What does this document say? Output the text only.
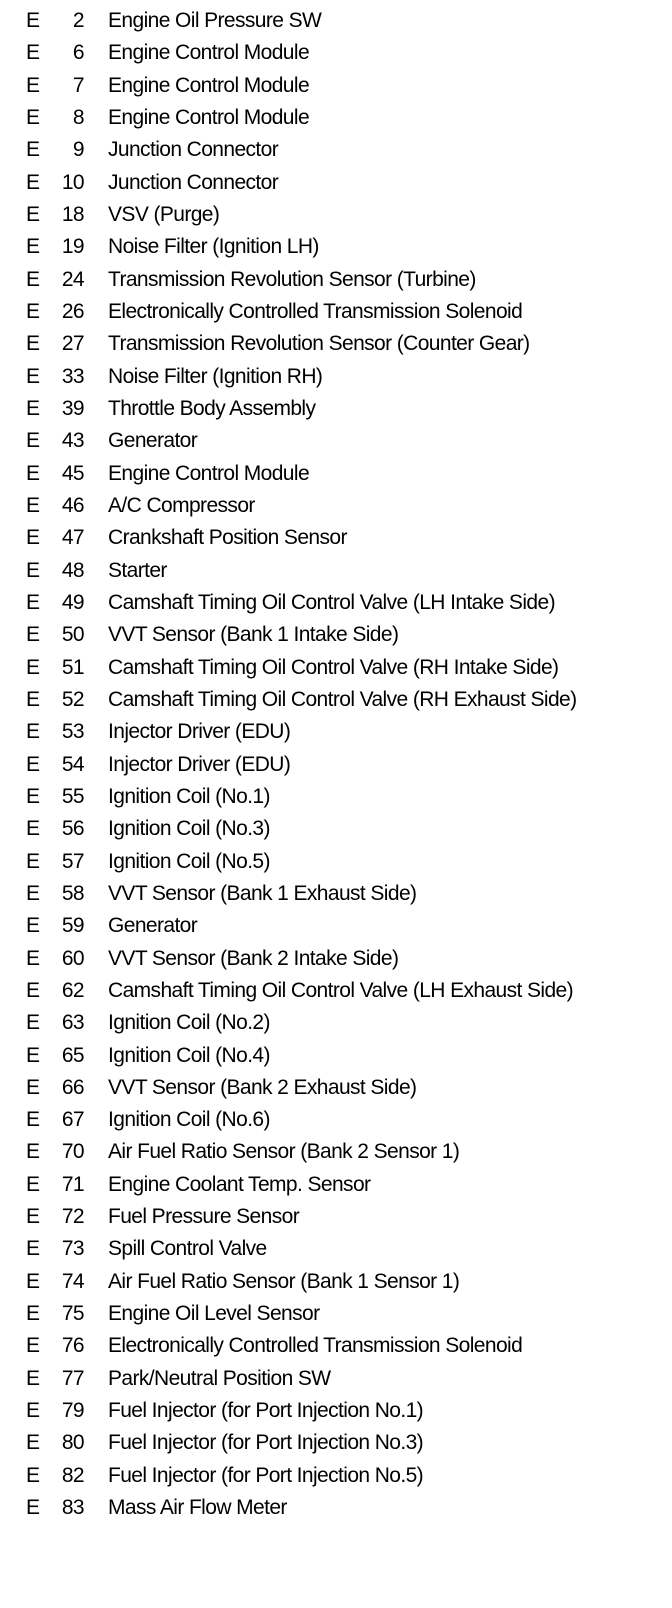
E	2 Engine Oil Pressure SW
E	6 Engine Control Module
E	7 Engine Control Module
E	8 Engine Control Module
E	9 Junction Connector
E	10 Junction Connector
E	18 VSV (Purge)
E	19 Noise Filter (Ignition LH)
E	24 Transmission Revolution Sensor (Turbine)
E	26 Electronically Controlled Transmission Solenoid
E	27 Transmission Revolution Sensor (Counter Gear)
E	33 Noise Filter (Ignition RH)
E	39 Throttle Body Assembly
E	43 Generator
E	45 Engine Control Module
E	46 A/C Compressor
E	47 Crankshaft Position Sensor
E	48 Starter
E	49 Camshaft Timing Oil Control Valve (LH Intake Side)
E	50 VVT Sensor (Bank 1 Intake Side)
E	51 Camshaft Timing Oil Control Valve (RH Intake Side)
E	52 Camshaft Timing Oil Control Valve (RH Exhaust Side)
E	53 Injector Driver (EDU)
E	54 Injector Driver (EDU)
E	55 Ignition Coil (No.1)
E	56 Ignition Coil (No.3)
E	57 Ignition Coil (No.5)
E	58 VVT Sensor (Bank 1 Exhaust Side)
E	59 Generator
E	60 VVT Sensor (Bank 2 Intake Side)
E	62 Camshaft Timing Oil Control Valve (LH Exhaust Side)
E	63 Ignition Coil (No.2)
E	65 Ignition Coil (No.4)
E	66 VVT Sensor (Bank 2 Exhaust Side)
E	67 Ignition Coil (No.6)
E	70 Air Fuel Ratio Sensor (Bank 2 Sensor 1)
E	71 Engine Coolant Temp. Sensor
E	72 Fuel Pressure Sensor
E	73 Spill Control Valve
E	74 Air Fuel Ratio Sensor (Bank 1 Sensor 1)
E	75 Engine Oil Level Sensor
E	76 Electronically Controlled Transmission Solenoid
E	77 Park/Neutral Position SW
E	79 Fuel Injector (for Port Injection No.1)
E	80 Fuel Injector (for Port Injection No.3)
E	82 Fuel Injector (for Port Injection No.5)
E	83 Mass Air Flow Meter
